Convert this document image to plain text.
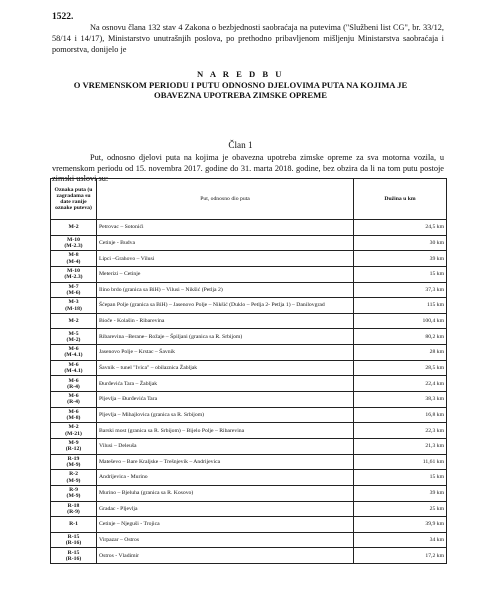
1522.

Na osnovu člana 132 stav 4 Zakona o bezbjednosti saobraćaja na putevima ("Službeni list CG", br. 33/12, 58/14 i 14/17), Ministarstvo unutrašnjih poslova, po prethodno pribavljenom mišljenju Ministarstva saobraćaja i pomorstva, donijelo je

N A R E D B U
O VREMENSKOM PERIODU I PUTU ODNOSNO DJELOVIMA PUTA NA KOJIMA JE
OBAVEZNA UPOTREBA ZIMSKE OPREME
Član 1

Put, odnosno djelovi puta na kojima je obavezna upotreba zimske opreme za sva motorna vozila, u vremenskom periodu od 15. novembra 2017. godine do 31. marta 2018. godine, bez obzira da li na tom putu postoje zimski uslovi su:

Oznaka puta (u zagradama su date ranije oznake puteva)	Put, odnosno dio puta	Dužina u km

M-2	Petrovac – Sotonići	24,5 km

M-10
(M-2.3)	Cetinje - Budva	30 km

M-8
(M-4)	Lipci –Grahovo – Vilusi	39 km

M-10
(M-2.3)	Meterizi – Cetinje	15 km

M-7
(M-6)	Ilino brdo (granica sa BiH) – Vilusi – Nikšić (Petlja 2)	37,3 km

M-3
(M-18)	Šćepan Polje (granica sa BiH) – Jasenovo Polje – Nikšić (Duklo – Petlja 2- Petlja 1) – Danilovgrad	115 km

M-2	Bioče - Kolašin - Ribarevina	100,4 km

M-5
(M-2)	Ribarevina –Berane– Rožaje – Špiljani (granica sa R. Srbijom)	80,2 km

M-6
(M-4.1)	Jasenovo Polje – Krstac – Šavnik	28 km

M-6
(M-4.1)	Šavnik – tunel "Ivica" – obilaznica Žabljak	28,5 km

M-6
(R-4)	Đurđevića Tara – Žabljak	22,4 km

M-6
(R-4)	Pljevlja – Đurđevića Tara	38,3 km

M-6
(M-8)	Pljevlja – Mihajlovica (granica sa R. Srbijom)	16,8 km

M-2
(M-21)	Barski most (granica sa R. Srbijom) – Bijelo Polje – Ribarevina	22,3 km

M-9
(R-12)	Vilusi – Deleuša	21,3 km

R-19
(M-9)	Mateševo – Bare Kraljske – Trešnjevik – Andrijevica	11,61 km

R-2
(M-9)	Andrijevica - Murino	15 km

R-9
(M-9)	Murino – Bjeluha (granica sa R. Kosovo)	39 km

R-18
(R-9)	Gradac - Pljevlja	25 km

R-1	Cetinje – Njeguši - Trojica	39,9 km

R-15
(R-16)	Virpazar – Ostros	34 km

R-15
(R-16)	Ostros - Vladimir	17,2 km
